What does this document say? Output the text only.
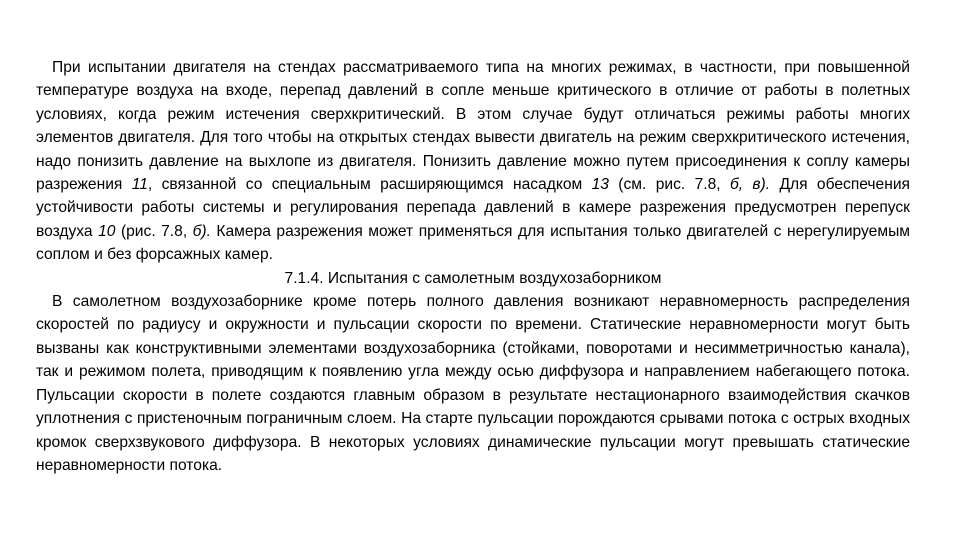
При испытании двигателя на стендах рассматриваемого типа на многих режимах, в частности, при повышенной температуре воздуха на входе, перепад давлений в сопле меньше критического в отличие от работы в полетных условиях, когда режим истечения сверхкритический. В этом случае будут отличаться режимы работы многих элементов двигателя. Для того чтобы на открытых стендах вывести двигатель на режим сверхкритического истечения, надо понизить давление на выхлопе из двигателя. Понизить давление можно путем присоединения к соплу камеры разрежения 11, связанной со специальным расширяющимся насадком 13 (см. рис. 7.8, б, в). Для обеспечения устойчивости работы системы и регулирования перепада давлений в камере разрежения предусмотрен перепуск воздуха 10 (рис. 7.8, б). Камера разрежения может применяться для испытания только двигателей с нерегулируемым соплом и без форсажных камер.

7.1.4. Испытания с самолетным воздухозаборником

В самолетном воздухозаборнике кроме потерь полного давления возникают неравномерность распределения скоростей по радиусу и окружности и пульсации скорости по времени. Статические неравномерности могут быть вызваны как конструктивными элементами воздухозаборника (стойками, поворотами и несимметричностью канала), так и режимом полета, приводящим к появлению угла между осью диффузора и направлением набегающего потока. Пульсации скорости в полете создаются главным образом в результате нестационарного взаимодействия скачков уплотнения с пристеночным пограничным слоем. На старте пульсации порождаются срывами потока с острых входных кромок сверхзвукового диффузора. В некоторых условиях динамические пульсации могут превышать статические неравномерности потока.
